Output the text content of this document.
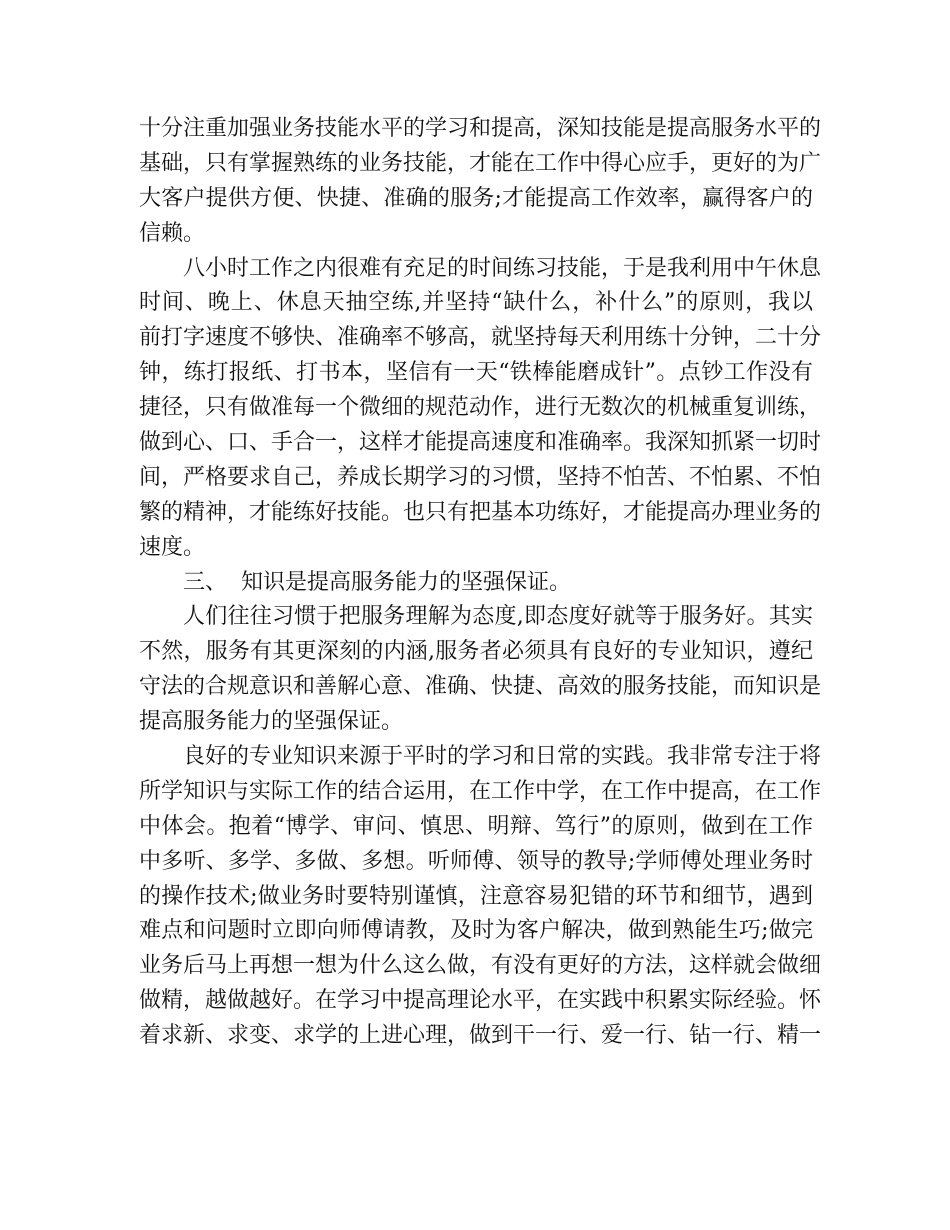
十分注重加强业务技能水平的学习和提高，深知技能是提高服务水平的
基础，只有掌握熟练的业务技能，才能在工作中得心应手，更好的为广
大客户提供方便、快捷、准确的服务;才能提高工作效率，赢得客户的
信赖。
八小时工作之内很难有充足的时间练习技能，于是我利用中午休息
时间、晚上、休息天抽空练,并坚持“缺什么，补什么”的原则，我以
前打字速度不够快、准确率不够高，就坚持每天利用练十分钟，二十分
钟，练打报纸、打书本，坚信有一天“铁棒能磨成针”。点钞工作没有
捷径，只有做准每一个微细的规范动作，进行无数次的机械重复训练，
做到心、口、手合一，这样才能提高速度和准确率。我深知抓紧一切时
间，严格要求自己，养成长期学习的习惯，坚持不怕苦、不怕累、不怕
繁的精神，才能练好技能。也只有把基本功练好，才能提高办理业务的
速度。
三、  知识是提高服务能力的坚强保证。
人们往往习惯于把服务理解为态度,即态度好就等于服务好。其实
不然，服务有其更深刻的内涵,服务者必须具有良好的专业知识，遵纪
守法的合规意识和善解心意、准确、快捷、高效的服务技能，而知识是
提高服务能力的坚强保证。
良好的专业知识来源于平时的学习和日常的实践。我非常专注于将
所学知识与实际工作的结合运用，在工作中学，在工作中提高，在工作
中体会。抱着“博学、审问、慎思、明辩、笃行”的原则，做到在工作
中多听、多学、多做、多想。听师傅、领导的教导;学师傅处理业务时
的操作技术;做业务时要特别谨慎，注意容易犯错的环节和细节，遇到
难点和问题时立即向师傅请教，及时为客户解决，做到熟能生巧;做完
业务后马上再想一想为什么这么做，有没有更好的方法，这样就会做细
做精，越做越好。在学习中提高理论水平，在实践中积累实际经验。怀
着求新、求变、求学的上进心理，做到干一行、爱一行、钻一行、精一
